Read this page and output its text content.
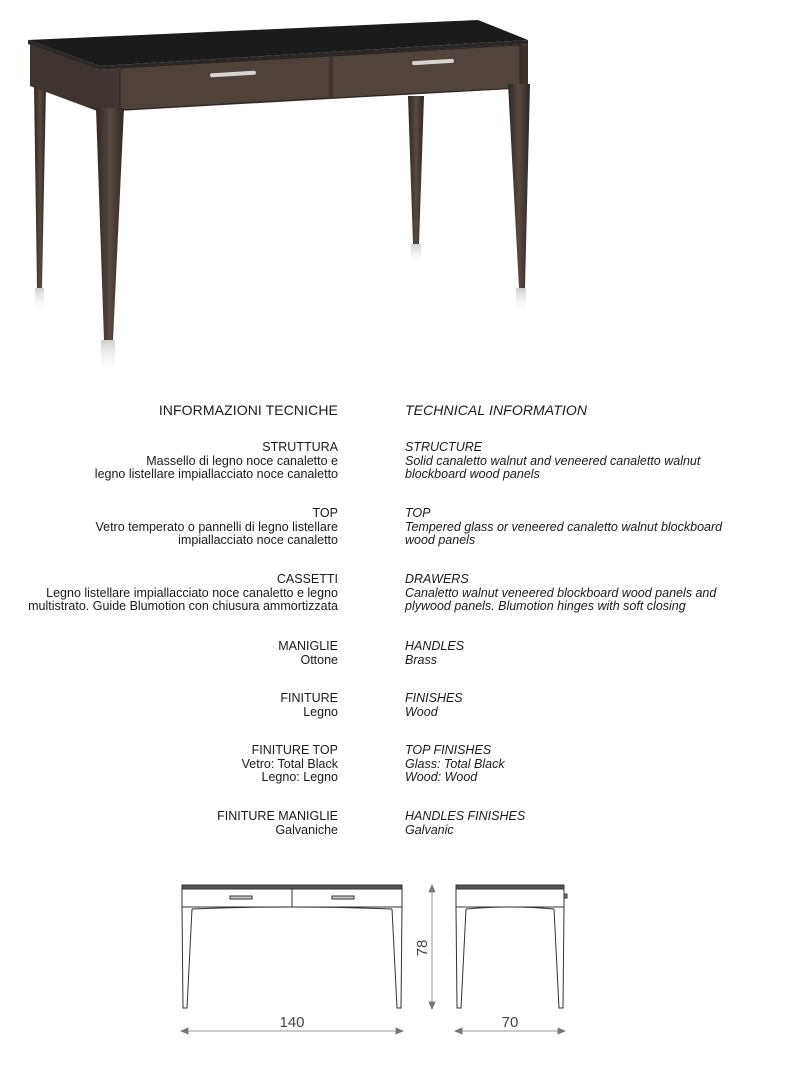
INFORMAZIONI TECNICHE	TECHNICAL INFORMATION
STRUTTURA
Massello di legno noce canaletto e
legno listellare impiallacciato noce canaletto
STRUCTURE
Solid canaletto walnut and veneered canaletto walnut
blockboard wood panels
TOP
Vetro temperato o pannelli di legno listellare
impiallacciato noce canaletto
TOP
Tempered glass or veneered canaletto walnut blockboard
wood panels
CASSETTI
Legno listellare impiallacciato noce canaletto e legno
multistrato. Guide Blumotion con chiusura ammortizzata
DRAWERS
Canaletto walnut veneered blockboard wood panels and
plywood panels. Blumotion hinges with soft closing
MANIGLIE
Ottone
HANDLES
Brass
FINITURE
Legno
FINISHES
Wood
FINITURE TOP
Vetro: Total Black
Legno: Legno
TOP FINISHES
Glass: Total Black
Wood: Wood
FINITURE MANIGLIE
Galvaniche
HANDLES FINISHES
Galvanic
78
140	70
